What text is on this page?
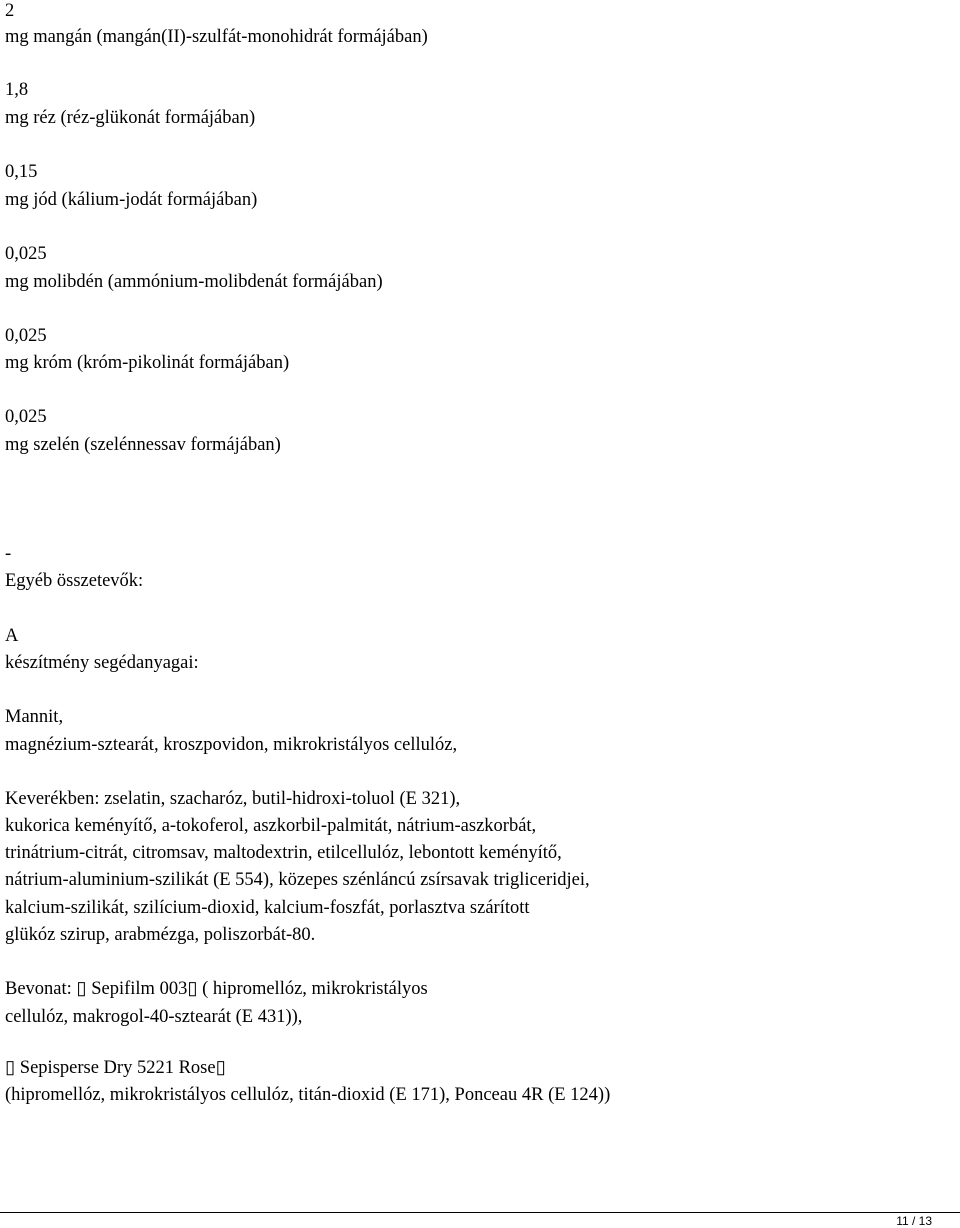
2
mg mangán (mangán(II)-szulfát-monohidrát formájában)
1,8
mg réz (réz-glükonát formájában)
0,15
mg jód (kálium-jodát formájában)
0,025
mg molibdén (ammónium-molibdenát formájában)
0,025
mg króm (króm-pikolinát formájában)
0,025
mg szelén (szelénnessav formájában)
-
Egyéb összetevők:
A
készítmény segédanyagai:
Mannit,
magnézium-sztearát, kroszpovidon, mikrokristályos cellulóz,
Keverékben: zselatin, szacharóz, butil-hidroxi-toluol (E 321),
kukorica keményítő, a-tokoferol, aszkorbil-palmitát, nátrium-aszkorbát,
trinátrium-citrát, citromsav, maltodextrin, etilcellulóz, lebontott keményítő,
nátrium-aluminium-szilikát (E 554), közepes szénláncú zsírsavak trigliceridjei,
kalcium-szilikát, szilícium-dioxid, kalcium-foszfát, porlasztva szárított
glükóz szirup, arabmézga, poliszorbát-80.
Bevonat: ▯ Sepifilm 003▯ ( hipromellóz, mikrokristályos
cellulóz, makrogol-40-sztearát (E 431)),
▯ Sepisperse Dry 5221 Rose▯
(hipromellóz, mikrokristályos cellulóz, titán-dioxid (E 171), Ponceau 4R (E 124))
11 / 13
